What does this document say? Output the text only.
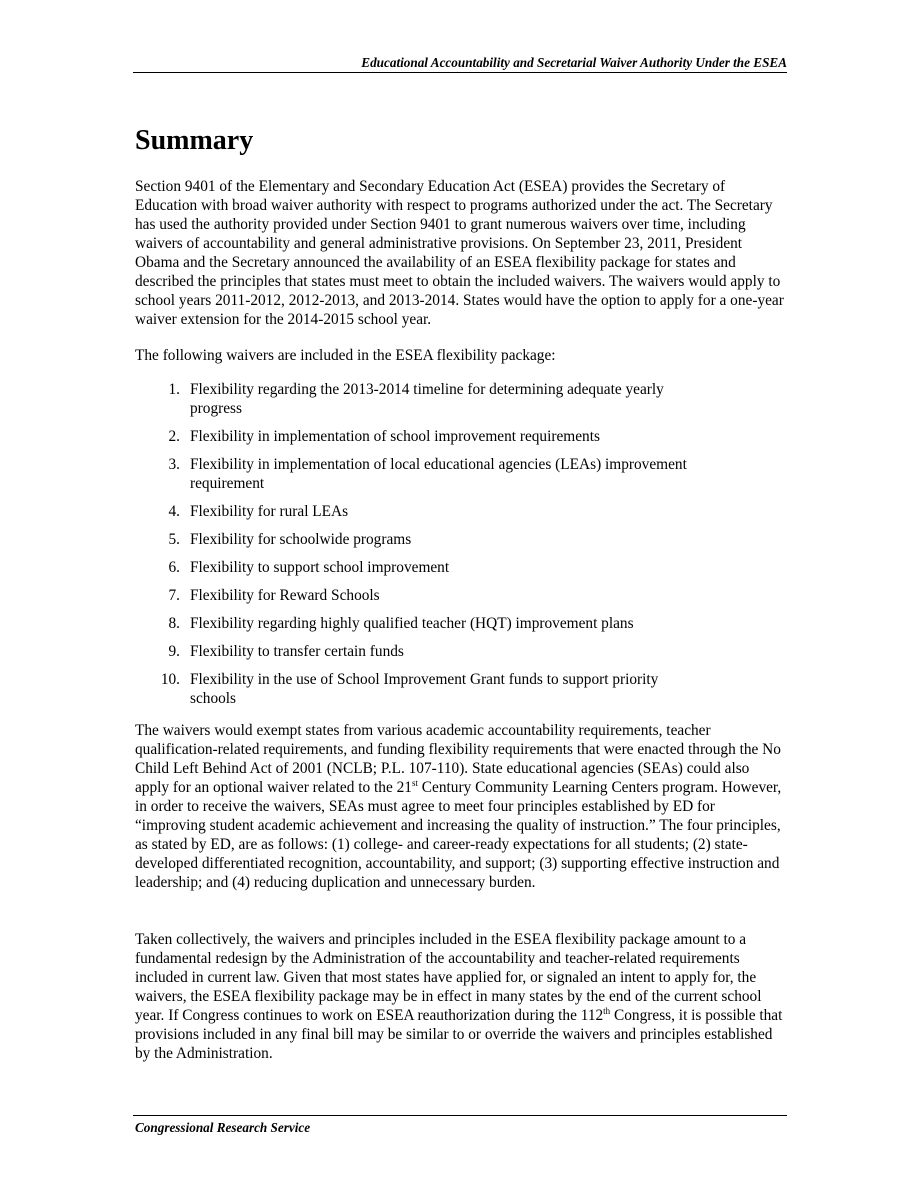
Educational Accountability and Secretarial Waiver Authority Under the ESEA
Summary

Section 9401 of the Elementary and Secondary Education Act (ESEA) provides the Secretary of Education with broad waiver authority with respect to programs authorized under the act. The Secretary has used the authority provided under Section 9401 to grant numerous waivers over time, including waivers of accountability and general administrative provisions. On September 23, 2011, President Obama and the Secretary announced the availability of an ESEA flexibility package for states and described the principles that states must meet to obtain the included waivers. The waivers would apply to school years 2011-2012, 2012-2013, and 2013-2014. States would have the option to apply for a one-year waiver extension for the 2014-2015 school year.

The following waivers are included in the ESEA flexibility package:

1. Flexibility regarding the 2013-2014 timeline for determining adequate yearly progress
2. Flexibility in implementation of school improvement requirements
3. Flexibility in implementation of local educational agencies (LEAs) improvement requirement
4. Flexibility for rural LEAs
5. Flexibility for schoolwide programs
6. Flexibility to support school improvement
7. Flexibility for Reward Schools
8. Flexibility regarding highly qualified teacher (HQT) improvement plans
9. Flexibility to transfer certain funds
10. Flexibility in the use of School Improvement Grant funds to support priority schools

The waivers would exempt states from various academic accountability requirements, teacher qualification-related requirements, and funding flexibility requirements that were enacted through the No Child Left Behind Act of 2001 (NCLB; P.L. 107-110). State educational agencies (SEAs) could also apply for an optional waiver related to the 21st Century Community Learning Centers program. However, in order to receive the waivers, SEAs must agree to meet four principles established by ED for “improving student academic achievement and increasing the quality of instruction.” The four principles, as stated by ED, are as follows: (1) college- and career-ready expectations for all students; (2) state-developed differentiated recognition, accountability, and support; (3) supporting effective instruction and leadership; and (4) reducing duplication and unnecessary burden.

Taken collectively, the waivers and principles included in the ESEA flexibility package amount to a fundamental redesign by the Administration of the accountability and teacher-related requirements included in current law. Given that most states have applied for, or signaled an intent to apply for, the waivers, the ESEA flexibility package may be in effect in many states by the end of the current school year. If Congress continues to work on ESEA reauthorization during the 112th Congress, it is possible that provisions included in any final bill may be similar to or override the waivers and principles established by the Administration.

Congressional Research Service
